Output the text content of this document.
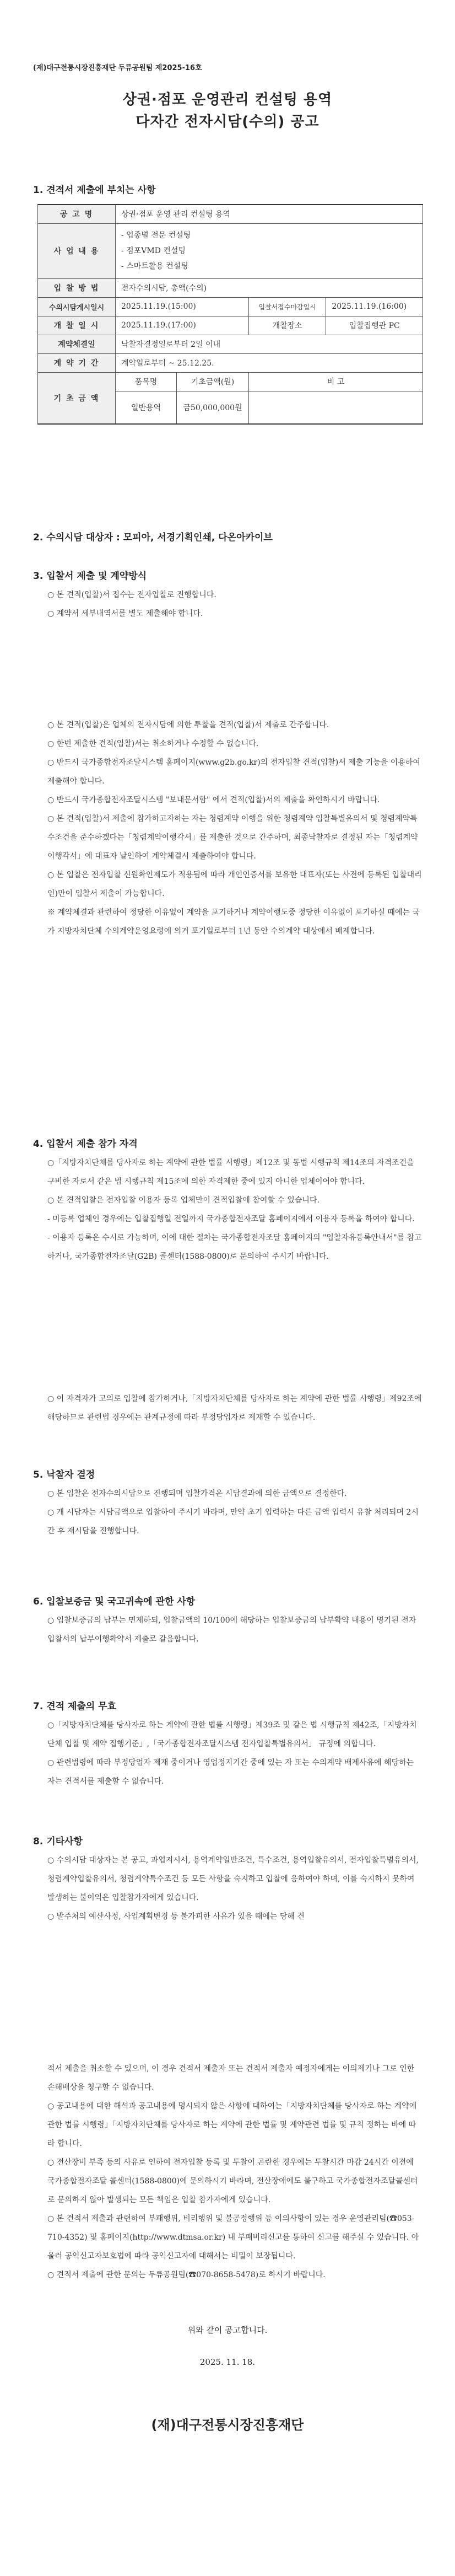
(재)대구전통시장진흥재단 두류공원팀 제2025-16호
상권·점포 운영관리 컨설팅 용역
다자간 전자시담(수의) 공고
1. 견적서 제출에 부치는 사항
공 고 명	상권·점포 운영 관리 컨설팅 용역			
사 업 내 용	- 업종별 전문 컨설팅
- 점포VMD 컨설팅
- 스마트활용 컨설팅			

입 찰 방 법	전자수의시담, 총액(수의)			
수의시담게시일시	2025.11.19.(15:00)		입찰서접수마감일시	2025.11.19.(16:00)
개 찰 일 시	2025.11.19.(17:00)		개찰장소	입찰집행관 PC
계약체결일	낙찰자결정일로부터 2일 이내			
계 약 기 간	계약일로부터 ~ 25.12.25.			
기 초 금 액	품목명	기초금액(원)	비 고	
	일반용역	금50,000,000원		
2. 수의시담 대상자 : 모피아, 서경기획인쇄, 다온아카이브
3. 입찰서 제출 및 계약방식
○ 본 견적(입찰)서 접수는 전자입찰로 진행합니다.
○ 계약서 세부내역서를 별도 제출해야 합니다.
○ 본 견적(입찰)은 업체의 전자시담에 의한 투찰을 견적(입찰)서 제출로 간주합니다.
○ 한번 제출한 견적(입찰)서는 취소하거나 수정할 수 없습니다.
○ 반드시 국가종합전자조달시스템 홈페이지(www.g2b.go.kr)의 전자입찰 견적(입찰)서 제출 기능을 이용하여 제출해야 합니다.
○ 반드시 국가종합전자조달시스템 "보내문서함" 에서 견적(입찰)서의 제출을 확인하시기 바랍니다.
○ 본 견적(입찰)서 제출에 참가하고자하는 자는 청렴계약 이행을 위한 청렴계약 입찰특별유의서 및 청렴계약특수조건을 준수하겠다는「청렴계약이행각서」를 제출한 것으로 간주하며, 최종낙찰자로 결정된 자는「청렴계약이행각서」에 대표자 날인하여 계약체결시 제출하여야 합니다.
○ 본 입찰은 전자입찰 신원확인제도가 적용됨에 따라 개인인증서를 보유한 대표자(또는 사전에 등록된 입찰대리인)만이 입찰서 제출이 가능합니다.
※ 계약체결과 관련하여 정당한 이유없이 계약을 포기하거나 계약이행도중 정당한 이유없이 포기하실 때에는 국가 지방자치단체 수의계약운영요령에 의거 포기일로부터 1년 동안 수의계약 대상에서 배제합니다.
4. 입찰서 제출 참가 자격
○「지방자치단체를 당사자로 하는 계약에 관한 법률 시행령」제12조 및 동법 시행규칙 제14조의 자격조건을 구비한 자로서 같은 법 시행규칙 제15조에 의한 자격제한 중에 있지 아니한 업체이어야 합니다.
○ 본 견적입찰은 전자입찰 이용자 등록 업체만이 견적입찰에 참여할 수 있습니다.
- 미등록 업체인 경우에는 입찰집행일 전일까지 국가종합전자조달 홈페이지에서 이용자 등록을 하여야 합니다.
- 이용자 등록은 수시로 가능하며, 이에 대한 절차는 국가종합전자조달 홈페이지의 "입찰자유등록안내서"를 참고하거나, 국가종합전자조달(G2B) 콜센터(1588-0800)로 문의하여 주시기 바랍니다.
○ 이 자격자가 고의로 입찰에 참가하거나,「지방자치단체를 당사자로 하는 계약에 관한 법률 시행령」제92조에 해당하므로 관련법 경우에는 관계규정에 따라 부정당업자로 제재할 수 있습니다.
5. 낙찰자 결정
○ 본 입찰은 전자수의시담으로 진행되며 입찰가격은 시담결과에 의한 금액으로 결정한다.
○ 개 시담자는 시담금액으로 입찰하여 주시기 바라며, 만약 초기 입력하는 다른 금액 입력시 유찰 처리되며 2시간 후 재시담을 진행합니다.
6. 입찰보증금 및 국고귀속에 관한 사항
○ 입찰보증금의 납부는 면제하되, 입찰금액의 10/100에 해당하는 입찰보증금의 납부확약 내용이 명기된 전자입찰서의 납부이행확약서 제출로 갈음합니다.
7. 견적 제출의 무효
○「지방자치단체를 당사자로 하는 계약에 관한 법률 시행령」제39조 및 같은 법 시행규칙 제42조,「지방자치단체 입찰 및 계약 집행기준」,「국가종합전자조달시스템 전자입찰특별유의서」 규정에 의합니다.
○ 관련법령에 따라 부정당업자 제재 중이거나 영업정지기간 중에 있는 자 또는 수의계약 배제사유에 해당하는 자는 견적서를 제출할 수 없습니다.
8. 기타사항
○ 수의시담 대상자는 본 공고, 과업지시서, 용역계약일반조건, 특수조건, 용역입찰유의서, 전자입찰특별유의서, 청렴계약입찰유의서, 청렴계약특수조건 등 모든 사항을 숙지하고 입찰에 응하여야 하며, 이를 숙지하지 못하여 발생하는 불이익은 입찰참가자에게 있습니다.
○ 발주처의 예산사정, 사업계획변경 등 불가피한 사유가 있을 때에는 당해 견
적서 제출을 취소할 수 있으며, 이 경우 견적서 제출자 또는 견적서 제출자 예정자에게는 이의제기나 그로 인한 손해배상을 청구할 수 없습니다.
○ 공고내용에 대한 해석과 공고내용에 명시되지 않은 사항에 대하여는「지방자치단체를 당사자로 하는 계약에 관한 법률 시행령」「지방자치단체를 당사자로 하는 계약에 관한 법률 및 계약관련 법률 및 규칙 정하는 바에 따라 합니다.
○ 전산장비 부족 등의 사유로 인하여 전자입찰 등록 및 투찰이 곤란한 경우에는 투찰시간 마감 24시간 이전에 국가종합전자조달 콜센터(1588-0800)에 문의하시기 바라며, 전산장애에도 불구하고 국가종합전자조달콜센터로 문의하지 않아 발생되는 모든 책임은 입찰 참가자에게 있습니다.
○ 본 견적서 제출과 관련하여 부패행위, 비리행위 및 불공정행위 등 이의사항이 있는 경우 운영관리팀(☎053-710-4352) 및 홈페이지(http://www.dtmsa.or.kr) 내 부패비리신고를 통하여 신고를 해주실 수 있습니다. 아울러 공익신고자보호법에 따라 공익신고자에 대해서는 비밀이 보장됩니다.
○ 견적서 제출에 관한 문의는 두류공원팀(☎070-8658-5478)로 하시기 바랍니다.
위와 같이 공고합니다.
2025. 11. 18.
(재)대구전통시장진흥재단
